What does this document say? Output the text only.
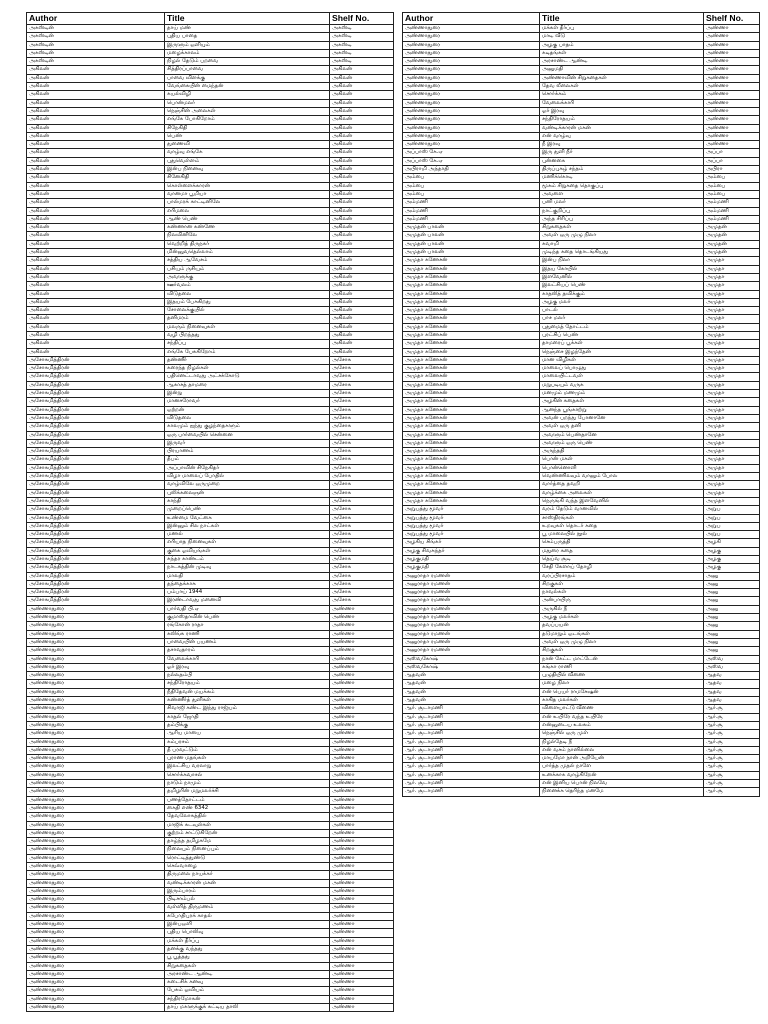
Author	Title	Shelf No.
அகஸ்டின்	தாய் மண்	அகஸ்டி
அகஸ்டின்	புதிய பாதை	அகஸ்டி
அகஸ்டின்	இருளும் ஒளியும்	அகஸ்டி
அகஸ்டின்	மழைக்காலம்	அகஸ்டி
அகஸ்டின்	நிழல் தேடும் பறவை	அகஸ்டி
அகிலன்	சித்திரப்பாவை	அகிலன்
அகிலன்	பாவை விளக்கு	அகிலன்
அகிலன்	வேங்கையின் மைந்தன்	அகிலன்
அகிலன்	கயல்விழி	அகிலன்
அகிலன்	பொன்மலர்	அகிலன்
அகிலன்	நெஞ்சின் அலைகள்	அகிலன்
அகிலன்	எங்கே போகிறோம்	அகிலன்
அகிலன்	சிநேகிதி	அகிலன்
அகிலன்	பெண்	அகிலன்
அகிலன்	துணைவி	அகிலன்
அகிலன்	வாழ்வு எங்கே	அகிலன்
அகிலன்	புதுவெள்ளம்	அகிலன்
அகிலன்	இன்ப நினைவு	அகிலன்
அகிலன்	சினேகிதி	அகிலன்
அகிலன்	கொள்ளைக்காரன்	அகிலன்
அகிலன்	வானமா பூமியா	அகிலன்
அகிலன்	பால்மரக் காட்டினிலே	அகிலன்
அகிலன்	எரிமலை	அகிலன்
அகிலன்	ஆண் பெண்	அகிலன்
அகிலன்	கண்ணான கண்ணே	அகிலன்
அகிலன்	நிலவினிலே	அகிலன்
அகிலன்	வெற்றித் திருநகர்	அகிலன்
அகிலன்	மின்னுவதெல்லாம்	அகிலன்
அகிலன்	சத்திய ஆவேசம்	அகிலன்
அகிலன்	பசியும் ருசியும்	அகிலன்
அகிலன்	அவளுக்கு	அகிலன்
அகிலன்	ஊர்வலம்	அகிலன்
அகிலன்	விடுதலை	அகிலன்
அகிலன்	இதயம் பேசுகிறது	அகிலன்
அகிலன்	சோலைக்குயில்	அகிலன்
அகிலன்	தனிமரம்	அகிலன்
அகிலன்	மலரும் நினைவுகள்	அகிலன்
அகிலன்	வழி பிறந்தது	அகிலன்
அகிலன்	சந்திப்பு	அகிலன்
அகிலன்	எங்கே பேசுகிறோம்	அகிலன்
அசோகமித்திரன்	தண்ணீர்	அசோக
அசோகமித்திரன்	கரைந்த நிழல்கள்	அசோக
அசோகமித்திரன்	பதினெட்டாவது அட்சக்கோடு	அசோக
அசோகமித்திரன்	ஆகாசத் தாமரை	அசோக
அசோகமித்திரன்	இன்று	அசோக
அசோகமித்திரன்	மானசரோவர்	அசோக
அசோகமித்திரன்	ஒற்றன்	அசோக
அசோகமித்திரன்	விடுதலை	அசோக
அசோகமித்திரன்	காலமும் ஐந்து குழந்தைகளும்	அசோக
அசோகமித்திரன்	ஒரு பார்வையில் சென்னை	அசோக
அசோகமித்திரன்	இருவர்	அசோக
அசோகமித்திரன்	பிரயாணம்	அசோக
அசோகமித்திரன்	தீபம்	அசோக
அசோகமித்திரன்	அப்பாவின் சிநேகிதர்	அசோக
அசோகமித்திரன்	விழா மாலைப் போதில்	அசோக
அசோகமித்திரன்	வாழ்விலே ஒருமுறை	அசோக
அசோகமித்திரன்	புலிக்கலைஞன்	அசோக
அசோகமித்திரன்	காந்தி	அசோக
அசோகமித்திரன்	முறைப்பெண்	அசோக
அசோகமித்திரன்	உண்மை வேட்கை	அசோக
அசோகமித்திரன்	இன்னும் சில நாட்கள்	அசோக
அசோகமித்திரன்	மணல்	அசோக
அசோகமித்திரன்	எரியாத நினைவுகள்	அசோக
அசோகமித்திரன்	குகை ஓவியங்கள்	அசோக
அசோகமித்திரன்	சுந்தர காண்டம்	அசோக
அசோகமித்திரன்	நாடகத்தின் முடிவு	அசோக
அசோகமித்திரன்	மாலதி	அசோக
அசோகமித்திரன்	தந்தைக்காக	அசோக
அசோகமித்திரன்	பம்பாய் 1944	அசோக
அசோகமித்திரன்	இரண்டாவது மனைவி	அசோக
அண்ணாதுரை	பார்வதி பி.ஏ	அண்ணா
அண்ணாதுரை	குமாஸ்தாவின் பெண்	அண்ணா
அண்ணாதுரை	ரங்கோன் ராதா	அண்ணா
அண்ணாதுரை	கலிங்க ராணி	அண்ணா
அண்ணாதுரை	பாவையின் பயணம்	அண்ணா
அண்ணாதுரை	தசாவதாரம்	அண்ணா
அண்ணாதுரை	வேலைக்காரி	அண்ணா
அண்ணாதுரை	ஓர் இரவு	அண்ணா
அண்ணாதுரை	நல்லதம்பி	அண்ணா
அண்ணாதுரை	சந்திரோதயம்	அண்ணா
அண்ணாதுரை	நீதிதேவன் மயக்கம்	அண்ணா
அண்ணாதுரை	கண்ணீர்த் துளிகள்	அண்ணா
அண்ணாதுரை	சிவாஜி கண்ட இந்து ராஜ்யம்	அண்ணா
அண்ணாதுரை	காதல் ஜோதி	அண்ணா
அண்ணாதுரை	தம்பிக்கு	அண்ணா
அண்ணாதுரை	ஆரிய மாயை	அண்ணா
அண்ணாதுரை	கம்பரசம்	அண்ணா
அண்ணாதுரை	தீ பரவட்டும்	அண்ணா
அண்ணாதுரை	புராண மதங்கள்	அண்ணா
அண்ணாதுரை	இலட்சிய வரலாறு	அண்ணா
அண்ணாதுரை	சொர்க்கவாசல்	அண்ணா
அண்ணாதுரை	நாடும் நாமும்	அண்ணா
அண்ணாதுரை	தமிழரின் மறுமலர்ச்சி	அண்ணா
அண்ணாதுரை	பணத்தோட்டம்	அண்ணா
அண்ணாதுரை	கைதி எண் 6342	அண்ணா
அண்ணாதுரை	தேவலோகத்தில்	அண்ணா
அண்ணாதுரை	மாஜிக் கடவுள்கள்	அண்ணா
அண்ணாதுரை	குற்றம் சாட்டுகிறேன்	அண்ணா
அண்ணாதுரை	தாழ்ந்த தமிழகமே	அண்ணா
அண்ணாதுரை	நிலையும் நினைப்பும்	அண்ணா
அண்ணாதுரை	ரொட்டித்துண்டு	அண்ணா
அண்ணாதுரை	செவ்வாழை	அண்ணா
அண்ணாதுரை	திருமலை நாயக்கர்	அண்ணா
அண்ணாதுரை	வண்டிக்காரன் மகன்	அண்ணா
அண்ணாதுரை	இரும்பாரம்	அண்ணா
அண்ணாதுரை	பிடிசாம்பல்	அண்ணா
அண்ணாதுரை	வள்ளித் திருமணம்	அண்ணா
அண்ணாதுரை	கபோதிபுரக் காதல்	அண்ணா
அண்ணாதுரை	இன்பஒளி	அண்ணா
அண்ணாதுரை	புதிய பொலிவு	அண்ணா
அண்ணாதுரை	மக்கள் தீர்ப்பு	அண்ணா
அண்ணாதுரை	தனக்கு வந்தது	அண்ணா
அண்ணாதுரை	பூ பூத்தது	அண்ணா
அண்ணாதுரை	சிறுகதைகள்	அண்ணா
அண்ணாதுரை	அரசாண்ட ஆண்டி	அண்ணா
அண்ணாதுரை	கடைசிக் கனவு	அண்ணா
அண்ணாதுரை	பேசும் ஓவியம்	அண்ணா
அண்ணாதுரை	சந்திரமோகன்	அண்ணா
அண்ணாதுரை	தாய் மகளுக்குக் கட்டிய தாலி	அண்ணா
Author	Title	Shelf No.
அண்ணாதுரை	மக்கள் தீர்ப்பு	அண்ணா
அண்ணாதுரை	மாடி வீடு	அண்ணா
அண்ணாதுரை	அழகு பாதம்	அண்ணா
அண்ணாதுரை	கடிதங்கள்	அண்ணா
அண்ணாதுரை	அரசாண்ட ஆண்டி	அண்ணா
அண்ணாதுரை	அனுமதி	அண்ணா
அண்ணாதுரை	அண்ணாவின் சிறுகதைகள்	அண்ணா
அண்ணாதுரை	தேவ லீலைகள்	அண்ணா
அண்ணாதுரை	சொர்க்கம்	அண்ணா
அண்ணாதுரை	வேலைக்காரி	அண்ணா
அண்ணாதுரை	ஓர் இரவு	அண்ணா
அண்ணாதுரை	சந்திரோதயம்	அண்ணா
அண்ணாதுரை	வண்டிக்காரன் மகன்	அண்ணா
அண்ணாதுரை	என் வாழ்வு	அண்ணா
அண்ணாதுரை	நீ இரவு	அண்ணா
அப்பாஸ் கே.ஏ	இரு துளி நீர்	அப்பா
அப்பாஸ் கே.ஏ	புன்னகை	அப்பா
அபிராமி அந்தாதி	திருப்புகழ் சந்தம்	அபிரா
அம்பை	மணிக்கொடி	அம்பை
அம்பை	மூகம் சிறுகதை தொகுப்பு	அம்பை
அம்பை	அவளை	அம்பை
அம்மணி	பனி மலர்	அம்மணி
அம்மணி	நாட்குறிப்பு	அம்மணி
அம்மணி	அந்த சிரிப்பு	அம்மணி
அமுதன் பாலன்	சிறுகதைகள்	அமுதன்
அமுதன் பாலன்	அவள் ஒரு முழு நிலா	அமுதன்
அமுதன் பாலன்	சுவாமி	அமுதன்
அமுதன் பாலன்	முடிந்த கதை தொடங்கியது	அமுதன்
அமுதா கணேசன்	இன்ப நிலா	அமுதா
அமுதா கணேசன்	இதய கோயில்	அமுதா
அமுதா கணேசன்	இளவேனில்	அமுதா
அமுதா கணேசன்	இலட்சியப் பெண்	அமுதா
அமுதா கணேசன்	காதலித் தவிக்கும்	அமுதா
அமுதா கணேசன்	அழகு மலர்	அமுதா
அமுதா கணேசன்	பாடல்	அமுதா
அமுதா கணேசன்	பாச மலர்	அமுதா
அமுதா கணேசன்	புதுமைத் தோட்டம்	அமுதா
அமுதா கணேசன்	புரட்சிப் பெண்	அமுதா
அமுதா கணேசன்	தாமரைப் பூக்கள்	அமுதா
அமுதா கணேசன்	நெஞ்சை இழந்தேன்	அமுதா
அமுதா கணேசன்	மான விழிகள்	அமுதா
அமுதா கணேசன்	மாலைப் பொழுது	அமுதா
அமுதா கணேசன்	மாலையிட்டவள்	அமுதா
அமுதா கணேசன்	மறுபடியும் வருக	அமுதா
அமுதா கணேசன்	மனமும் மணமும்	அமுதா
அமுதா கணேசன்	அழகின் கதைகள்	அமுதா
அமுதா கணேசன்	ஆனந்த பூங்காற்று	அமுதா
அமுதா கணேசன்	அவன் பறந்து போனானே	அமுதா
அமுதா கணேசன்	அவள் ஒரு தனி	அமுதா
அமுதா கணேசன்	அவளும் பெண்தானே	அமுதா
அமுதா கணேசன்	அவளும் ஒரு பெண்	அமுதா
அமுதா கணேசன்	அருந்ததி	அமுதா
அமுதா கணேசன்	பொன் மகள்	அமுதா
அமுதா கணேசன்	பொன்னொளி	அமுதா
அமுதா கணேசன்	வெண்ணிலவும் வானும் போல	அமுதா
அமுதா கணேசன்	வார்த்தை தவறி	அமுதா
அமுதா கணேசன்	வாழ்க்கை அலைகள்	அமுதா
அமுதா கணேசன்	நெருங்கி வந்த இளவேனில்	அமுதா
அறுபத்து மூவர்	வரம் தேடும் வானவில்	அறுப
அறுபத்து மூவர்	சாஸ்திரங்கள்	அறுப
அறுபத்து மூவர்	உறவுகள் தொடர் கதை	அறுப
அறுபத்து மூவர்	பூ மாலையில் நூல்	அறுப
அழகிய சிங்கர்	செம்பருத்தி	அழகி
அழகு சிவசுந்தர்	மதுரை கதை	அழகு
அழகுமதி	தெய்வ சூடி	அழகு
அழகுமதி	சேதி கேளாய் தோழி	அழகு
அனுராதா ரமணன்	வரப்பிரசாதம்	அனு
அனுராதா ரமணன்	சிறகுகள்	அனு
அனுராதா ரமணன்	நாவல்கள்	அனு
அனுராதா ரமணன்	அன்பாயிரு	அனு
அனுராதா ரமணன்	அருகில் நீ	அனு
அனுராதா ரமணன்	அழகு மலர்கள்	அனு
அனுராதா ரமணன்	தவப்பயன்	அனு
அனுராதா ரமணன்	தடுமாறும் ஒடங்கள்	அனு
அனுராதா ரமணன்	அவள் ஒரு முழு நிலா	அனு
அனுராதா ரமணன்	சிறகுகள்	அனு
அஸ்வகோஷ்	நான் கேட்ட மாட்டேன்	அஸ்வ
அஸ்வகோஷ்	கங்கா ராணி	அஸ்வ
ஆதவன்	புழுதியில் வீணை	ஆதவ
ஆதவன்	மழை நிலா	ஆதவ
ஆதவன்	என் பெயர் ராமசேஷன்	ஆதவ
ஆதவன்	காகித மலர்கள்	ஆதவ
ஆர். சூடாமணி	விளையாட்டு வீணை	ஆர்.சூ
ஆர். சூடாமணி	என் உயிரே வந்த உயிரே	ஆர்.சூ
ஆர். சூடாமணி	என்னுடைய உலகம்	ஆர்.சூ
ஆர். சூடாமணி	நெஞ்சில் ஒரு முள்	ஆர்.சூ
ஆர். சூடாமணி	நிழல்தேடி நீ	ஆர்.சூ
ஆர். சூடாமணி	என் வசம் நானில்லை	ஆர்.சூ
ஆர். சூடாமணி	மாயமோ நான் அறியேன்	ஆர்.சூ
ஆர். சூடாமணி	பார்த்த முதல் நாளே	ஆர்.சூ
ஆர். சூடாமணி	உனக்காக வாழ்கிறேன்	ஆர்.சூ
ஆர். சூடாமணி	என் இனிய பொன் நிலவே	ஆர்.சூ
ஆர். சூடாமணி	நினைக்க தெரிந்த மனமே	ஆர்.சூ
